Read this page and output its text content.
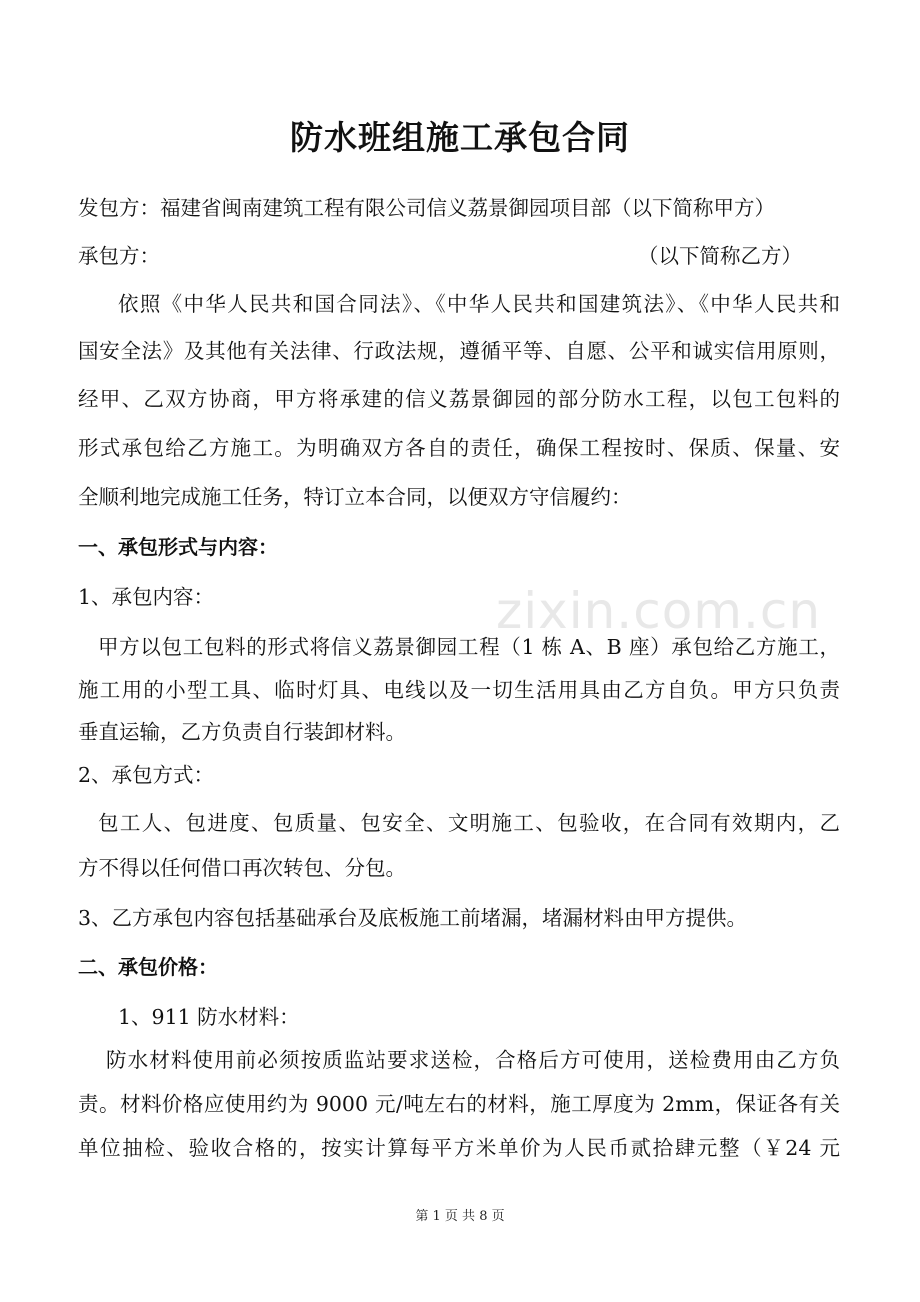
防水班组施工承包合同
发包方：福建省闽南建筑工程有限公司信义荔景御园项目部（以下简称甲方）
承包方：	（以下简称乙方）
依照《中华人民共和国合同法》、《中华人民共和国建筑法》、《中华人民共和
国安全法》及其他有关法律、行政法规，遵循平等、自愿、公平和诚实信用原则，
经甲、乙双方协商，甲方将承建的信义荔景御园的部分防水工程，以包工包料的
形式承包给乙方施工。为明确双方各自的责任，确保工程按时、保质、保量、安
全顺利地完成施工任务，特订立本合同，以便双方守信履约：
一、承包形式与内容：
1、承包内容：
甲方以包工包料的形式将信义荔景御园工程（1 栋 A、B 座）承包给乙方施工，
施工用的小型工具、临时灯具、电线以及一切生活用具由乙方自负。甲方只负责
垂直运输，乙方负责自行装卸材料。
2、承包方式：
包工人、包进度、包质量、包安全、文明施工、包验收，在合同有效期内，乙
方不得以任何借口再次转包、分包。
3、乙方承包内容包括基础承台及底板施工前堵漏，堵漏材料由甲方提供。
二、承包价格：
1、911 防水材料：
防水材料使用前必须按质监站要求送检，合格后方可使用，送检费用由乙方负
责。材料价格应使用约为 9000 元/吨左右的材料，施工厚度为 2mm，保证各有关
单位抽检、验收合格的，按实计算每平方米单价为人民币贰拾肆元整（￥24 元
zixin.com.cn
第 1 页 共 8 页
